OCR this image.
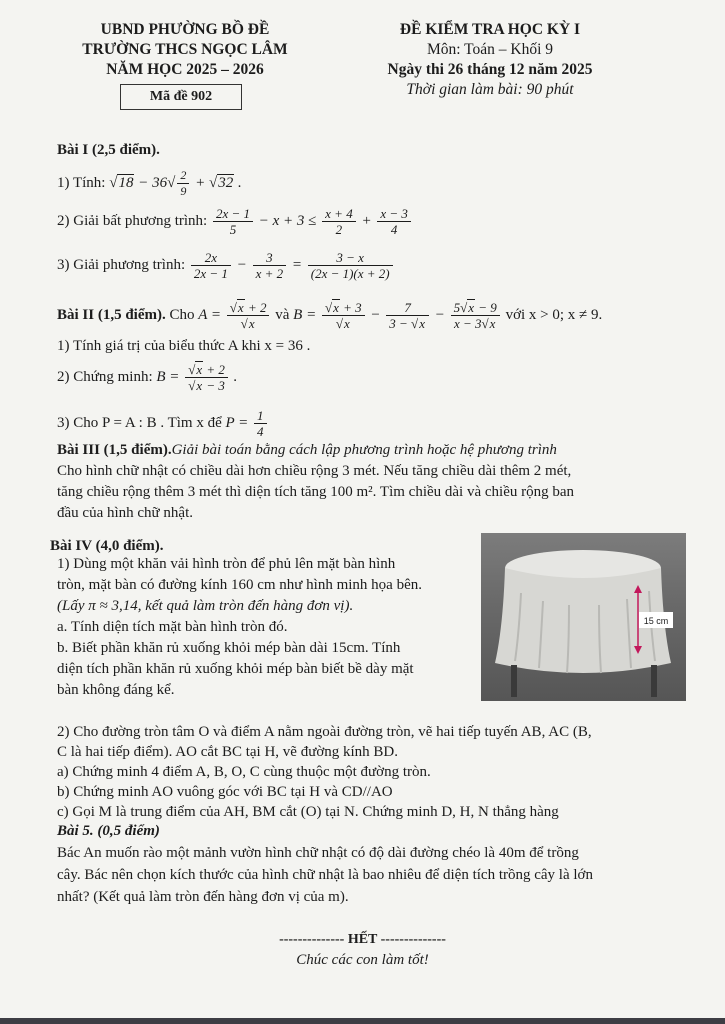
UBND PHƯỜNG BỒ ĐỀ
TRƯỜNG THCS NGỌC LÂM
NĂM HỌC 2025 – 2026
Mã đề 902
ĐỀ KIỂM TRA HỌC KỲ I
Môn: Toán – Khối 9
Ngày thi 26 tháng 12 năm 2025
Thời gian làm bài: 90 phút
Bài I (2,5 điểm).
1) Tính: $√18 - 36√ \frac{2}{9} + √32$ .
2) Giải bất phương trình: $\frac{2x - 1}{5} - x + 3 \le \frac{x + 4}{2} + \frac{x - 3}{4}$
3) Giải phương trình: $\frac{2x}{2x - 1} - \frac{3}{x + 2} = \frac{3 - x}{(2x - 1)(x + 2)}$
Bài II (1,5 điểm). Cho $A = \frac{√x + 2}{√x}$ và $B = \frac{√x + 3}{√x} - \frac{7}{3 - √x} - \frac{5√x - 9}{x - 3√x}$ với x > 0; x ≠ 9.
1) Tính giá trị của biểu thức A khi x = 36 .
2) Chứng minh: $B = \frac{√x + 2}{√x - 3}$ .
3) Cho P = A : B . Tìm x để $P = \frac{1}{4}$
Bài III (1,5 điểm).Giải bài toán bằng cách lập phương trình hoặc hệ phương trình
Cho hình chữ nhật có chiều dài hơn chiều rộng 3 mét. Nếu tăng chiều dài thêm 2 mét,
tăng chiều rộng thêm 3 mét thì diện tích tăng 100 m². Tìm chiều dài và chiều rộng ban
đầu của hình chữ nhật.
Bài IV (4,0 điểm).
1) Dùng một khăn vải hình tròn để phủ lên mặt bàn hình
tròn, mặt bàn có đường kính 160 cm như hình minh họa bên.
(Lấy π ≈ 3,14, kết quả làm tròn đến hàng đơn vị).
a. Tính diện tích mặt bàn hình tròn đó.
b. Biết phần khăn rủ xuống khỏi mép bàn dài 15cm. Tính
diện tích phần khăn rủ xuống khỏi mép bàn biết bề dày mặt
bàn không đáng kể.
15 cm
2) Cho đường tròn tâm O và điểm A nằm ngoài đường tròn, vẽ hai tiếp tuyến AB, AC (B,
C là hai tiếp điểm). AO cắt BC tại H, vẽ đường kính BD.
a) Chứng minh 4 điểm A, B, O, C cùng thuộc một đường tròn.
b) Chứng minh AO vuông góc với BC tại H và CD//AO
c) Gọi M là trung điểm của AH, BM cắt (O) tại N. Chứng minh D, H, N thẳng hàng
Bài 5. (0,5 điểm)
Bác An muốn rào một mảnh vườn hình chữ nhật có độ dài đường chéo là 40m để trồng
cây. Bác nên chọn kích thước của hình chữ nhật là bao nhiêu để diện tích trồng cây là lớn
nhất? (Kết quả làm tròn đến hàng đơn vị của m).
-------------- HẾT --------------
Chúc các con làm tốt!
